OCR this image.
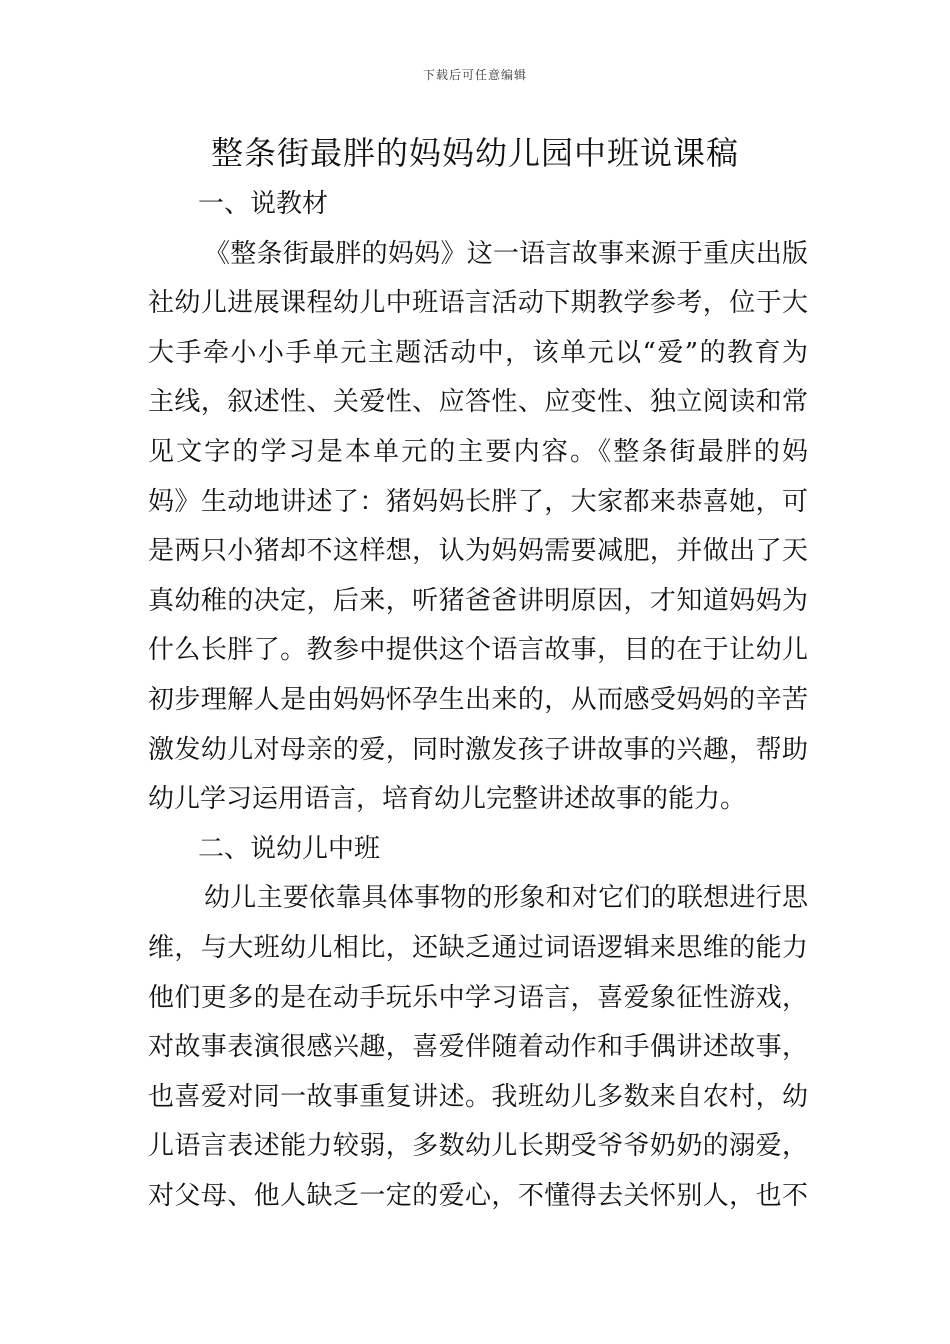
下载后可任意编辑
整条街最胖的妈妈幼儿园中班说课稿
一、说教材
《整条街最胖的妈妈》这一语言故事来源于重庆出版
社幼儿进展课程幼儿中班语言活动下期教学参考，位于大
大手牵小小手单元主题活动中，该单元以“爱”的教育为
主线，叙述性、关爱性、应答性、应变性、独立阅读和常
见文字的学习是本单元的主要内容。《整条街最胖的妈
妈》生动地讲述了：猪妈妈长胖了，大家都来恭喜她，可
是两只小猪却不这样想，认为妈妈需要减肥，并做出了天
真幼稚的决定，后来，听猪爸爸讲明原因，才知道妈妈为
什么长胖了。教参中提供这个语言故事，目的在于让幼儿
初步理解人是由妈妈怀孕生出来的，从而感受妈妈的辛苦
激发幼儿对母亲的爱，同时激发孩子讲故事的兴趣，帮助
幼儿学习运用语言，培育幼儿完整讲述故事的能力。
二、说幼儿中班
幼儿主要依靠具体事物的形象和对它们的联想进行思
维，与大班幼儿相比，还缺乏通过词语逻辑来思维的能力
他们更多的是在动手玩乐中学习语言，喜爱象征性游戏，
对故事表演很感兴趣，喜爱伴随着动作和手偶讲述故事，
也喜爱对同一故事重复讲述。我班幼儿多数来自农村，幼
儿语言表述能力较弱，多数幼儿长期受爷爷奶奶的溺爱，
对父母、他人缺乏一定的爱心，不懂得去关怀别人，也不
